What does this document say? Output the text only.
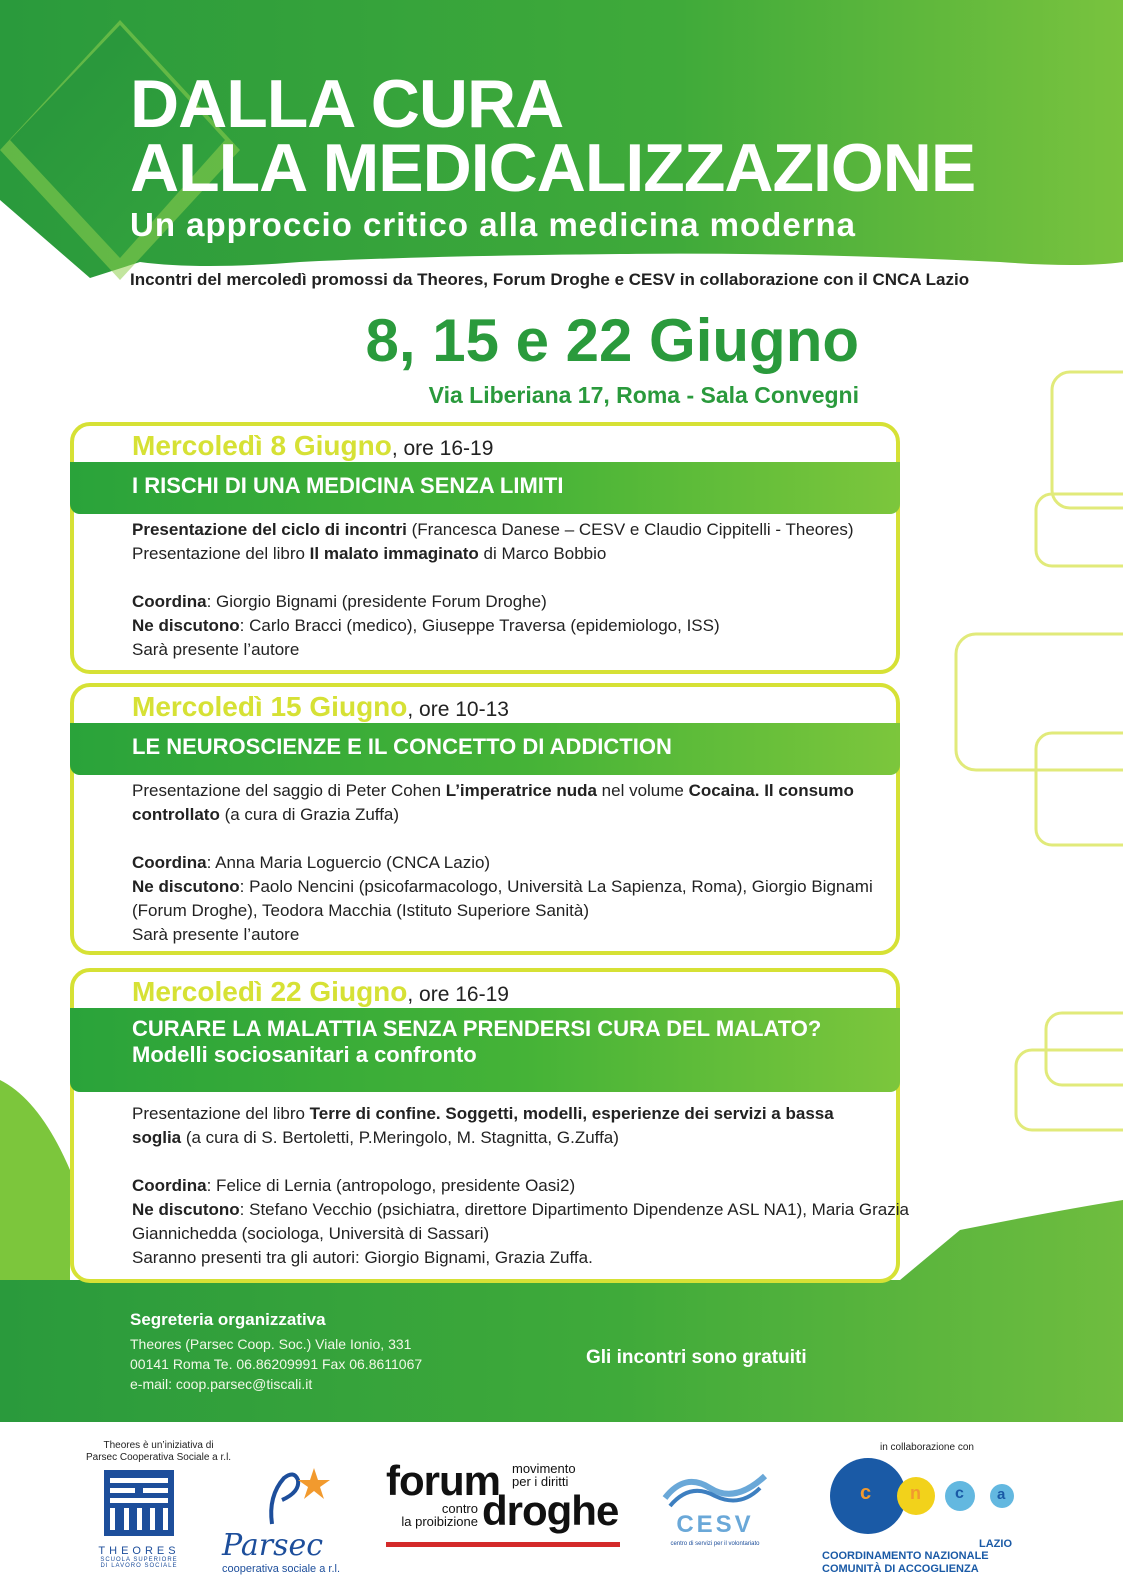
DALLA CURA
ALLA MEDICALIZZAZIONE
Un approccio critico alla medicina moderna
Incontri del mercoledì promossi da Theores, Forum Droghe e CESV in collaborazione con il CNCA Lazio
8, 15 e 22 Giugno
Via Liberiana 17, Roma - Sala Convegni
Mercoledì 8 Giugno, ore 16-19
I RISCHI DI UNA MEDICINA SENZA LIMITI

Presentazione del ciclo di incontri (Francesca Danese – CESV e Claudio Cippitelli - Theores)

Presentazione del libro Il malato immaginato di Marco Bobbio

Coordina: Giorgio Bignami (presidente Forum Droghe)

Ne discutono: Carlo Bracci (medico), Giuseppe Traversa (epidemiologo, ISS)

Sarà presente l’autore

Mercoledì 15 Giugno, ore 10-13
LE NEUROSCIENZE E IL CONCETTO DI ADDICTION

Presentazione del saggio di Peter Cohen L’imperatrice nuda nel volume Cocaina. Il consumo

controllato (a cura di Grazia Zuffa)

Coordina: Anna Maria Loguercio (CNCA Lazio)

Ne discutono: Paolo Nencini (psicofarmacologo, Università La Sapienza, Roma), Giorgio Bignami

(Forum Droghe), Teodora Macchia (Istituto Superiore Sanità)

Sarà presente l’autore

Mercoledì 22 Giugno, ore 16-19
CURARE LA MALATTIA SENZA PRENDERSI CURA DEL MALATO?
Modelli sociosanitari a confronto

Presentazione del libro Terre di confine. Soggetti, modelli, esperienze dei servizi a bassa

soglia (a cura di S. Bertoletti, P.Meringolo, M. Stagnitta, G.Zuffa)

Coordina: Felice di Lernia (antropologo, presidente Oasi2)

Ne discutono: Stefano Vecchio (psichiatra, direttore Dipartimento Dipendenze ASL NA1), Maria Grazia

Giannichedda (sociologa, Università di Sassari)

Saranno presenti tra gli autori: Giorgio Bignami, Grazia Zuffa.

Segreteria organizzativa
Theores (Parsec Coop. Soc.) Viale Ionio, 331
00141 Roma Te. 06.86209991 Fax 06.8611067
e-mail: coop.parsec@tiscali.it
Gli incontri sono gratuiti
Theores è un’iniziativa di
Parsec Cooperativa Sociale a r.l.
THEORES
SCUOLA SUPERIORE
DI LAVORO SOCIALE
Parsec
cooperativa sociale a r.l.
forum movimento
per i diritti
contro
la proibizione droghe	CESV
centro di servizi per il volontariato
in collaborazione con
c n c a
LAZIO
COORDINAMENTO NAZIONALE
COMUNITÀ DI ACCOGLIENZA
